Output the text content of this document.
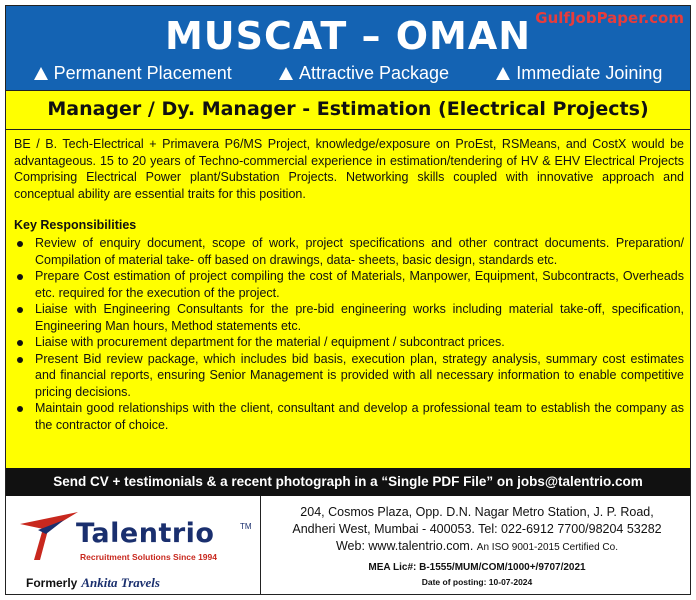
MUSCAT – OMAN GulfJobPaper.com
Permanent Placement	Attractive Package	Immediate Joining
Manager / Dy. Manager - Estimation (Electrical Projects)

BE / B. Tech-Electrical + Primavera P6/MS Project, knowledge/exposure on ProEst, RSMeans, and CostX would be advantageous. 15 to 20 years of Techno-commercial experience in estimation/tendering of HV & EHV Electrical Projects Comprising Electrical Power plant/Substation Projects. Networking skills coupled with innovative approach and conceptual ability are essential traits for this position.

Key Responsibilities
Review of enquiry document, scope of work, project specifications and other contract documents. Preparation/ Compilation of material take- off based on drawings, data- sheets, basic design, standards etc.
Prepare Cost estimation of project compiling the cost of Materials, Manpower, Equipment, Subcontracts, Overheads etc. required for the execution of the project.
Liaise with Engineering Consultants for the pre-bid engineering works including material take-off, specification, Engineering Man hours, Method statements etc.
Liaise with procurement department for the material / equipment / subcontract prices.
Present Bid review package, which includes bid basis, execution plan, strategy analysis, summary cost estimates and financial reports, ensuring Senior Management is provided with all necessary information to enable competitive pricing decisions.
Maintain good relationships with the client, consultant and develop a professional team to establish the company as the contractor of choice.
Send CV + testimonials & a recent photograph in a “Single PDF File” on jobs@talentrio.com
Talentrio	TM
Recruitment Solutions Since 1994
Formerly Ankita Travels
204, Cosmos Plaza, Opp. D.N. Nagar Metro Station, J. P. Road,
Andheri West, Mumbai - 400053. Tel: 022-6912 7700/98204 53282
Web: www.talentrio.com. An ISO 9001-2015 Certified Co.
MEA Lic#: B-1555/MUM/COM/1000+/9707/2021
Date of posting: 10-07-2024
